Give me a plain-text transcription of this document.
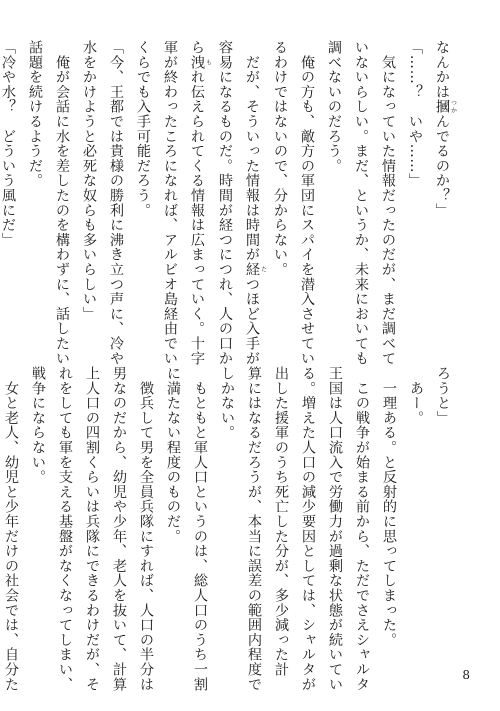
なんかは摑 つかんでるのか？」
「……？　いや……」
　気になっていた情報だったのだが、まだ調べて
いないらしい。まだ、というか、未来においても
調べないのだろう。
　俺の方も、敵方の軍団にスパイを潜入させてい
るわけではないので、分からない。
　だが、そういった情報は時間が経 たつほど入手が
容易になるものだ。時間が経つにつれ、人の口か
ら洩 もれ伝えられてくる情報は広まっていく。十字
軍が終わったころになれば、アルビオ島経由でい
くらでも入手可能だろう。
「今、王都では貴様の勝利に沸き立つ声に、冷や
水をかけようと必死な奴らも多いらしい」
　俺が会話に水を差したのを構わずに、話したい
話題を続けるようだ。
「冷や水？　どういう風にだ」
ろうと」
　あー。
　一理ある。と反射的に思ってしまった。
　この戦争が始まる前から、ただでさえシャルタ
王国は人口流入で労働力が過剰な状態が続いてい
る。増えた人口の減少要因としては、シャルタが
出した援軍のうち死亡した分が、多少減った計
算にはなるだろうが、本当に誤差の範囲内程度で
しかない。
　もともと軍人口というのは、総人口のうち一割
に満たない程度のものだ。
　徴兵して男を全員兵隊にすれば、人口の半分は
男なのだから、幼児や少年、老人を抜いて、計算
上人口の四割くらいは兵隊にできるわけだが、そ
れをしても軍を支える基盤がなくなってしまい、
戦争にならない。
　女と老人、幼児と少年だけの社会では、自分た	8
